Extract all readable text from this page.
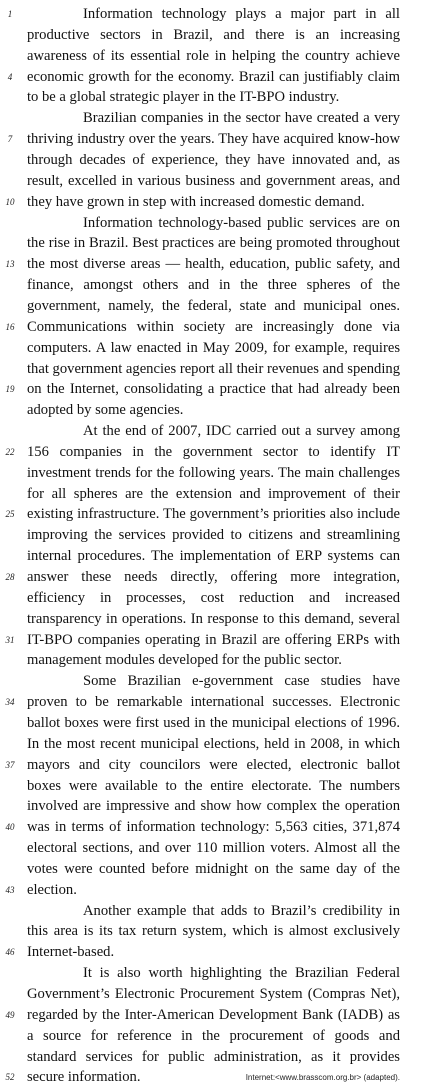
1	Information technology plays a major part in all
productive sectors in Brazil, and there is an increasing
awareness of its essential role in helping the country achieve
4	economic growth for the economy. Brazil can justifiably claim
to be a global strategic player in the IT-BPO industry.
Brazilian companies in the sector have created a very
7	thriving industry over the years. They have acquired know-how
through decades of experience, they have innovated and, as
result, excelled in various business and government areas, and
10 they have grown in step with increased domestic demand.
Information technology-based public services are on
the rise in Brazil. Best practices are being promoted throughout
13 the most diverse areas — health, education, public safety, and
finance, amongst others and in the three spheres of the
government, namely, the federal, state and municipal ones.
16 Communications within society are increasingly done via
computers. A law enacted in May 2009, for example, requires
that government agencies report all their revenues and spending
19 on the Internet, consolidating a practice that had already been
adopted by some agencies.
At the end of 2007, IDC carried out a survey among
22 156 companies in the government sector to identify IT
investment trends for the following years. The main challenges
for all spheres are the extension and improvement of their
25 existing infrastructure. The government’s priorities also include
improving the services provided to citizens and streamlining
internal procedures. The implementation of ERP systems can
28 answer these needs directly, offering more integration,
efficiency in processes, cost reduction and increased
transparency in operations. In response to this demand, several
31 IT-BPO companies operating in Brazil are offering ERPs with
management modules developed for the public sector.
Some Brazilian e-government case studies have
34 proven to be remarkable international successes. Electronic
ballot boxes were first used in the municipal elections of 1996.
In the most recent municipal elections, held in 2008, in which
37 mayors and city councilors were elected, electronic ballot
boxes were available to the entire electorate. The numbers
involved are impressive and show how complex the operation
40 was in terms of information technology: 5,563 cities, 371,874
electoral sections, and over 110 million voters. Almost all the
votes were counted before midnight on the same day of the
43 election.
Another example that adds to Brazil’s credibility in
this area is its tax return system, which is almost exclusively
46 Internet-based.
It is also worth highlighting the Brazilian Federal
Government’s Electronic Procurement System (Compras Net),
49 regarded by the Inter-American Development Bank (IADB) as
a source for reference in the procurement of goods and
standard services for public administration, as it provides
52 secure information.	Internet:<www.brasscom.org.br> (adapted).
